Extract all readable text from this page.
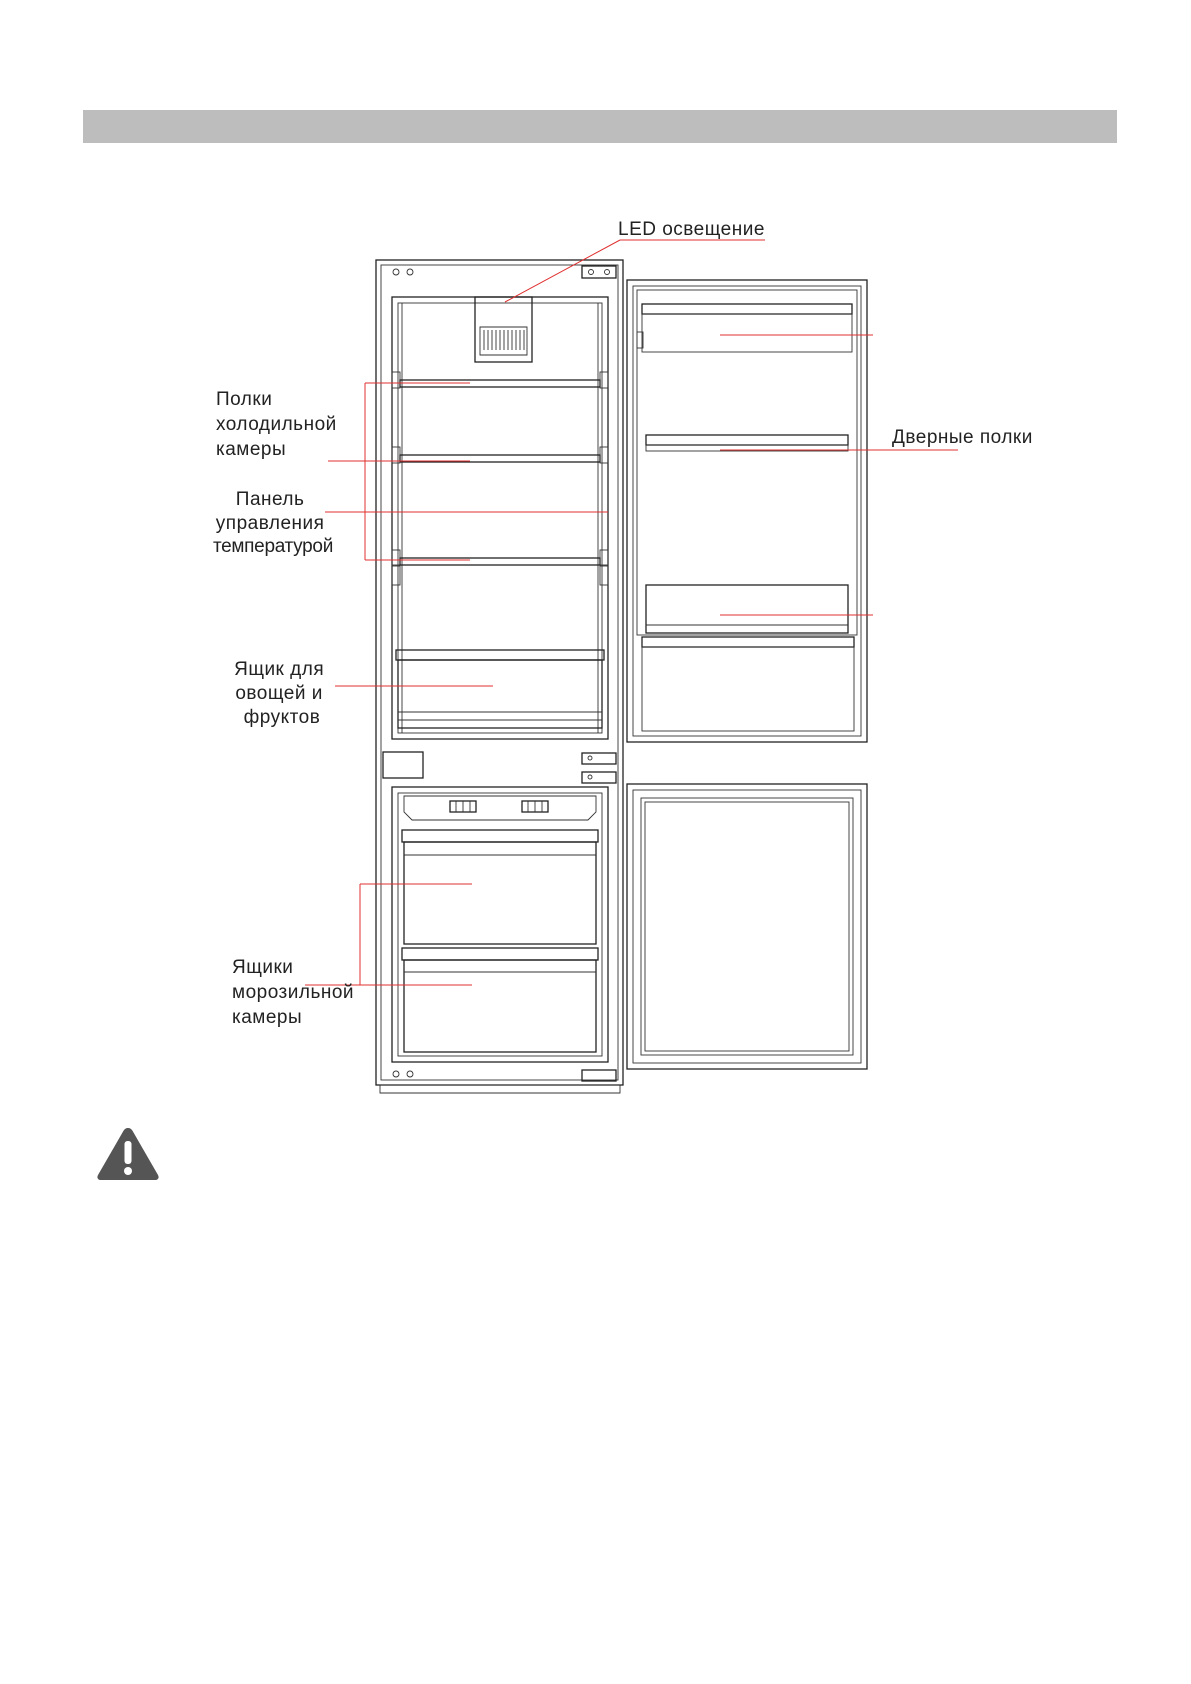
LED освещение
Полки холодильной камеры
Панель управления температурой
Ящик для овощей и фруктов
Ящики морозильной камеры
Дверные полки
